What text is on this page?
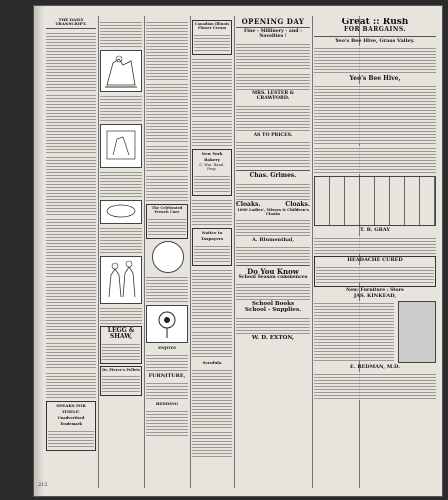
THE DAILY TRANSCRIPT.
SPEAKS FOR ITSELF.
Unadvertised Trademark
LEGG & SHAW,
Dr. Pierce's Pellets
The Celebrated French Cure
ENJOYS
FURNITURE,
BEDDING
Canadian Illinois Flower Cream
New York Bakery
C. Wm. Baral, Prop.
Notice to Taxpayers
Scrofula
OPENING DAY
Fine - Millinery - and - Novelties !
MRS. LESTER & CRAWFORD.
AS TO PRICES.
Chas. Grimes.
Cloaks.	Cloaks.
1000 Ladies', Misses & Children's Cloaks
A. Blumenthal,
Do You Know
School Season commences
School Books
School - Supplies.
W. D. EXTON,
Great :: Rush
FOR BARGAINS.
Yeo's Bee Hive, Grass Valley.
Yeo's Bee Hive,
T. B. GRAY
HEADACHE CURED
New: Furniture : Store
JAS. KINKEAD,
E. REDMAN, M.D.
212
